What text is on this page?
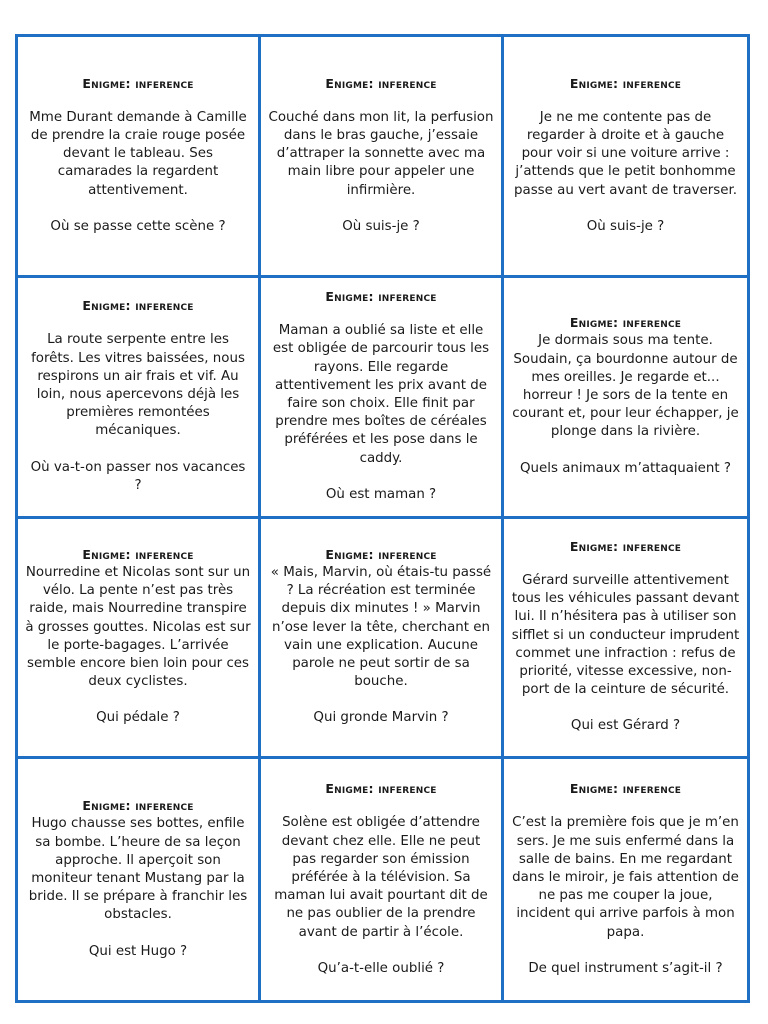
Enigme: inference

Mme Durant demande à Camille de prendre la craie rouge posée devant le tableau. Ses camarades la regardent attentivement.

Où se passe cette scène ?

Enigme: inference

Couché dans mon lit, la perfusion dans le bras gauche, j’essaie d’attraper la sonnette avec ma main libre pour appeler une infirmière.

Où suis-je ?

Enigme: inference

Je ne me contente pas de regarder à droite et à gauche pour voir si une voiture arrive : j’attends que le petit bonhomme passe au vert avant de traverser.

Où suis-je ?

Enigme: inference

La route serpente entre les forêts. Les vitres baissées, nous respirons un air frais et vif. Au loin, nous apercevons déjà les premières remontées mécaniques.

Où va-t-on passer nos vacances ?

Enigme: inference

Maman a oublié sa liste et elle est obligée de parcourir tous les rayons. Elle regarde attentivement les prix avant de faire son choix. Elle finit par prendre mes boîtes de céréales préférées et les pose dans le caddy.

Où est maman ?

Enigme: inference

Je dormais sous ma tente. Soudain, ça bourdonne autour de mes oreilles. Je regarde et... horreur ! Je sors de la tente en courant et, pour leur échapper, je plonge dans la rivière.

Quels animaux m’attaquaient ?

Enigme: inference

Nourredine et Nicolas sont sur un vélo. La pente n’est pas très raide, mais Nourredine transpire à grosses gouttes. Nicolas est sur le porte-bagages. L’arrivée semble encore bien loin pour ces deux cyclistes.

Qui pédale ?

Enigme: inference

« Mais, Marvin, où étais-tu passé ? La récréation est terminée depuis dix minutes ! » Marvin n’ose lever la tête, cherchant en vain une explication. Aucune parole ne peut sortir de sa bouche.

Qui gronde Marvin ?

Enigme: inference

Gérard surveille attentivement tous les véhicules passant devant lui. Il n’hésitera pas à utiliser son sifflet si un conducteur imprudent commet une infraction : refus de priorité, vitesse excessive, non-port de la ceinture de sécurité.

Qui est Gérard ?

Enigme: inference

Hugo chausse ses bottes, enfile sa bombe. L’heure de sa leçon approche. Il aperçoit son moniteur tenant Mustang par la bride. Il se prépare à franchir les obstacles.

Qui est Hugo ?

Enigme: inference

Solène est obligée d’attendre devant chez elle. Elle ne peut pas regarder son émission préférée à la télévision. Sa maman lui avait pourtant dit de ne pas oublier de la prendre avant de partir à l’école.

Qu’a-t-elle oublié ?

Enigme: inference

C’est la première fois que je m’en sers. Je me suis enfermé dans la salle de bains. En me regardant dans le miroir, je fais attention de ne pas me couper la joue, incident qui arrive parfois à mon papa.

De quel instrument s’agit-il ?
